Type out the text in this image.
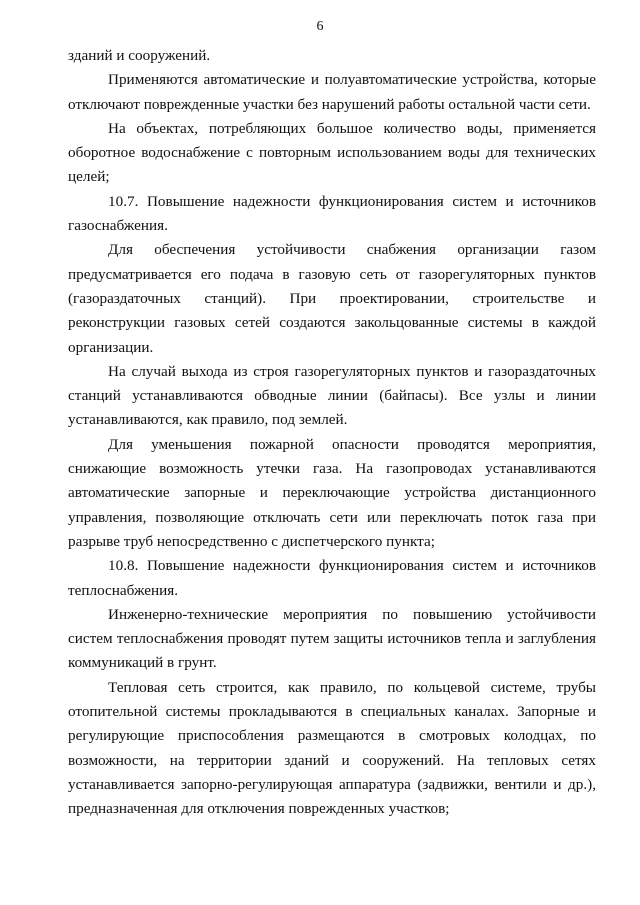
6

зданий и сооружений.

Применяются автоматические и полуавтоматические устройства, которые отключают поврежденные участки без нарушений работы остальной части сети.

На объектах, потребляющих большое количество воды, применяется оборотное водоснабжение с повторным использованием воды для технических целей;

10.7. Повышение надежности функционирования систем и источников газоснабжения.

Для обеспечения устойчивости снабжения организации газом предусматривается его подача в газовую сеть от газорегуляторных пунктов (газораздаточных станций). При проектировании, строительстве и реконструкции газовых сетей создаются закольцованные системы в каждой организации.

На случай выхода из строя газорегуляторных пунктов и газораздаточных станций устанавливаются обводные линии (байпасы). Все узлы и линии устанавливаются, как правило, под землей.

Для уменьшения пожарной опасности проводятся мероприятия, снижающие возможность утечки газа. На газопроводах устанавливаются автоматические запорные и переключающие устройства дистанционного управления, позволяющие отключать сети или переключать поток газа при разрыве труб непосредственно с диспетчерского пункта;

10.8. Повышение надежности функционирования систем и источников теплоснабжения.

Инженерно-технические мероприятия по повышению устойчивости систем теплоснабжения проводят путем защиты источников тепла и заглубления коммуникаций в грунт.

Тепловая сеть строится, как правило, по кольцевой системе, трубы отопительной системы прокладываются в специальных каналах. Запорные и регулирующие приспособления размещаются в смотровых колодцах, по возможности, на территории зданий и сооружений. На тепловых сетях устанавливается запорно-регулирующая аппаратура (задвижки, вентили и др.), предназначенная для отключения поврежденных участков;
